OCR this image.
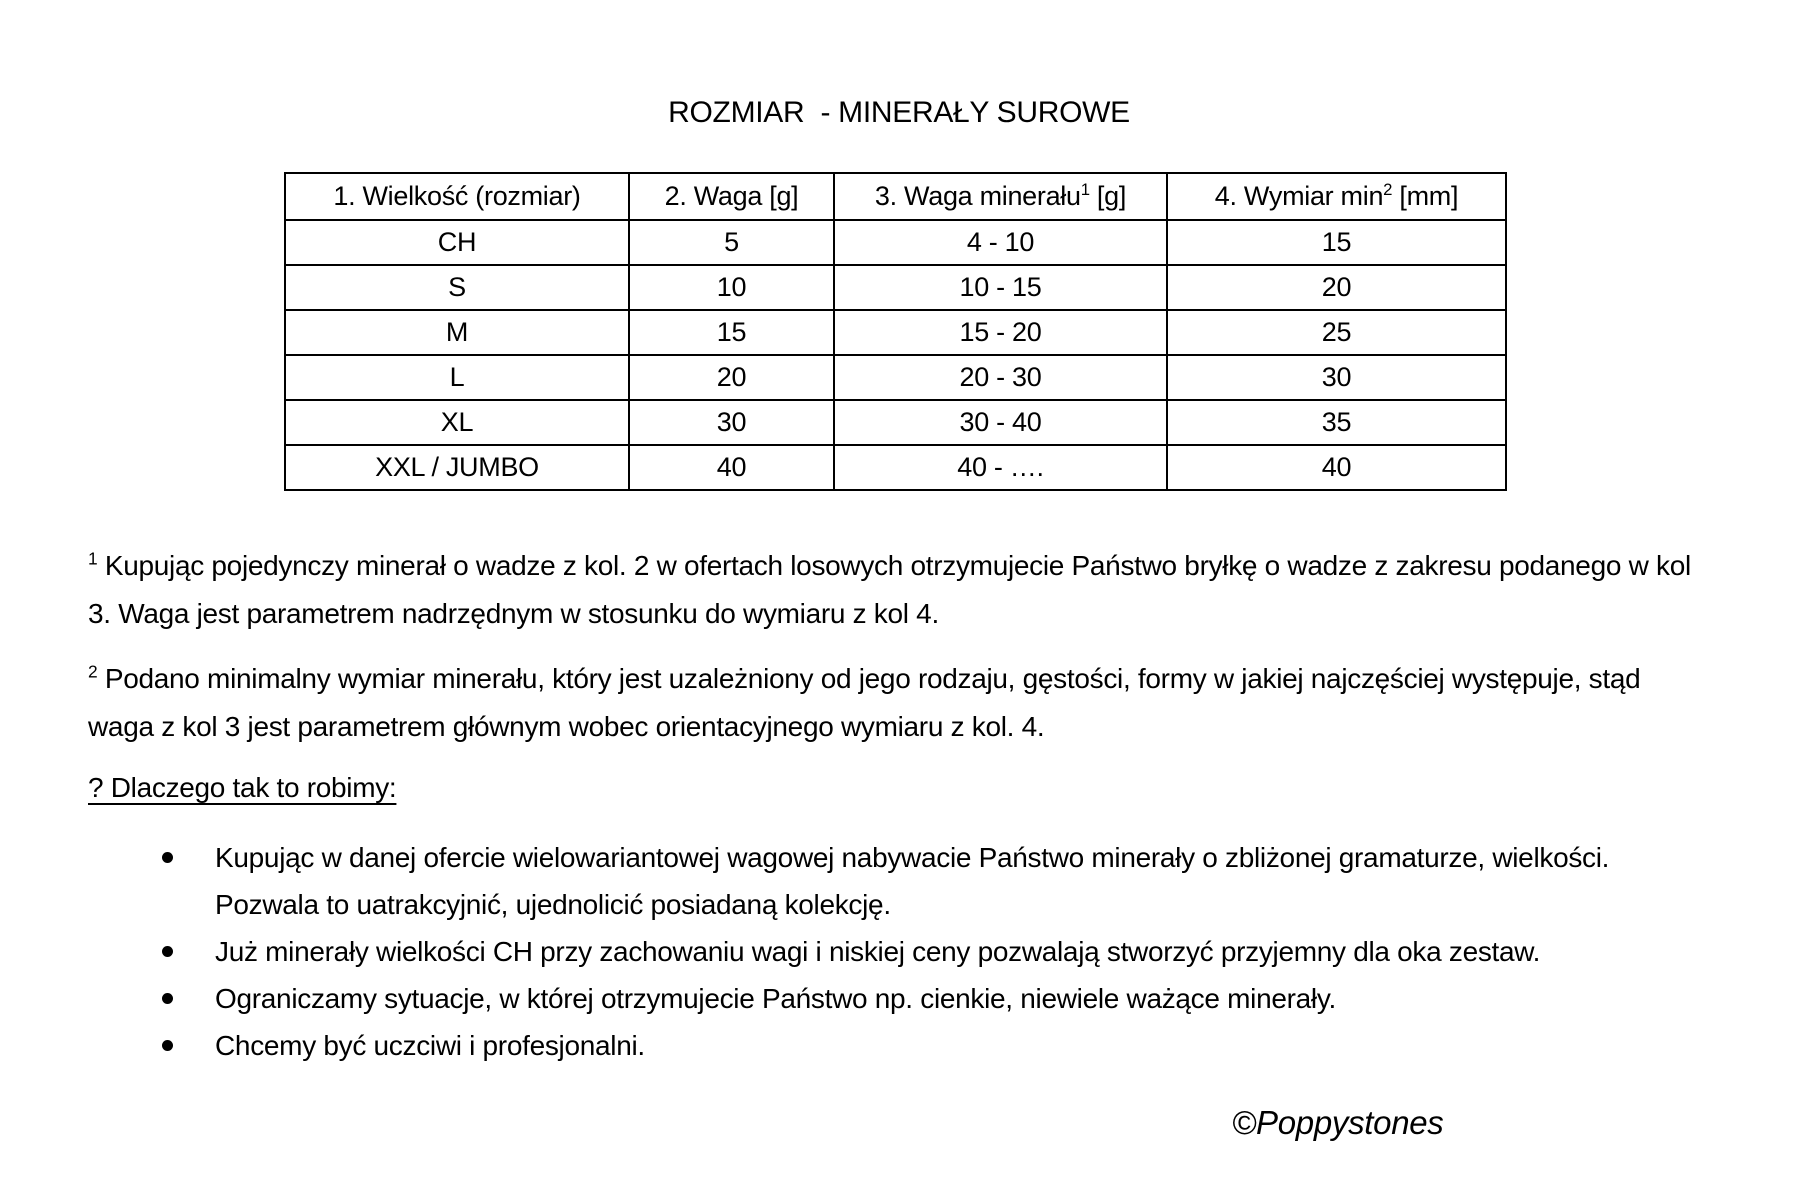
ROZMIAR  - MINERAŁY SUROWE
1. Wielkość (rozmiar)	2. Waga [g]	3. Waga minerału$^1$ [g]	4. Wymiar $\min^2 [mm]$
CH	5	4 - 10	15
S	10	10 - 15	20
M	15	15 - 20	25
L	20	20 - 30	30
XL	30	30 - 40	35
XXL / JUMBO	40	40 - ….	40

$^1$ Kupując pojedynczy minerał o wadze z kol. 2 w ofertach losowych otrzymujecie Państwo bryłkę o wadze z zakresu podanego w kol 3. Waga jest parametrem nadrzędnym w stosunku do wymiaru z kol 4.

$^2$ Podano minimalny wymiar minerału, który jest uzależniony od jego rodzaju, gęstości, formy w jakiej najczęściej występuje, stąd waga z kol 3 jest parametrem głównym wobec orientacyjnego wymiaru z kol. 4.

? Dlaczego tak to robimy:
Kupując w danej ofercie wielowariantowej wagowej nabywacie Państwo minerały o zbliżonej gramaturze, wielkości. Pozwala to uatrakcyjnić, ujednolicić posiadaną kolekcję.
Już minerały wielkości CH przy zachowaniu wagi i niskiej ceny pozwalają stworzyć przyjemny dla oka zestaw.
Ograniczamy sytuacje, w której otrzymujecie Państwo np. cienkie, niewiele ważące minerały.
Chcemy być uczciwi i profesjonalni.
©Poppystones
